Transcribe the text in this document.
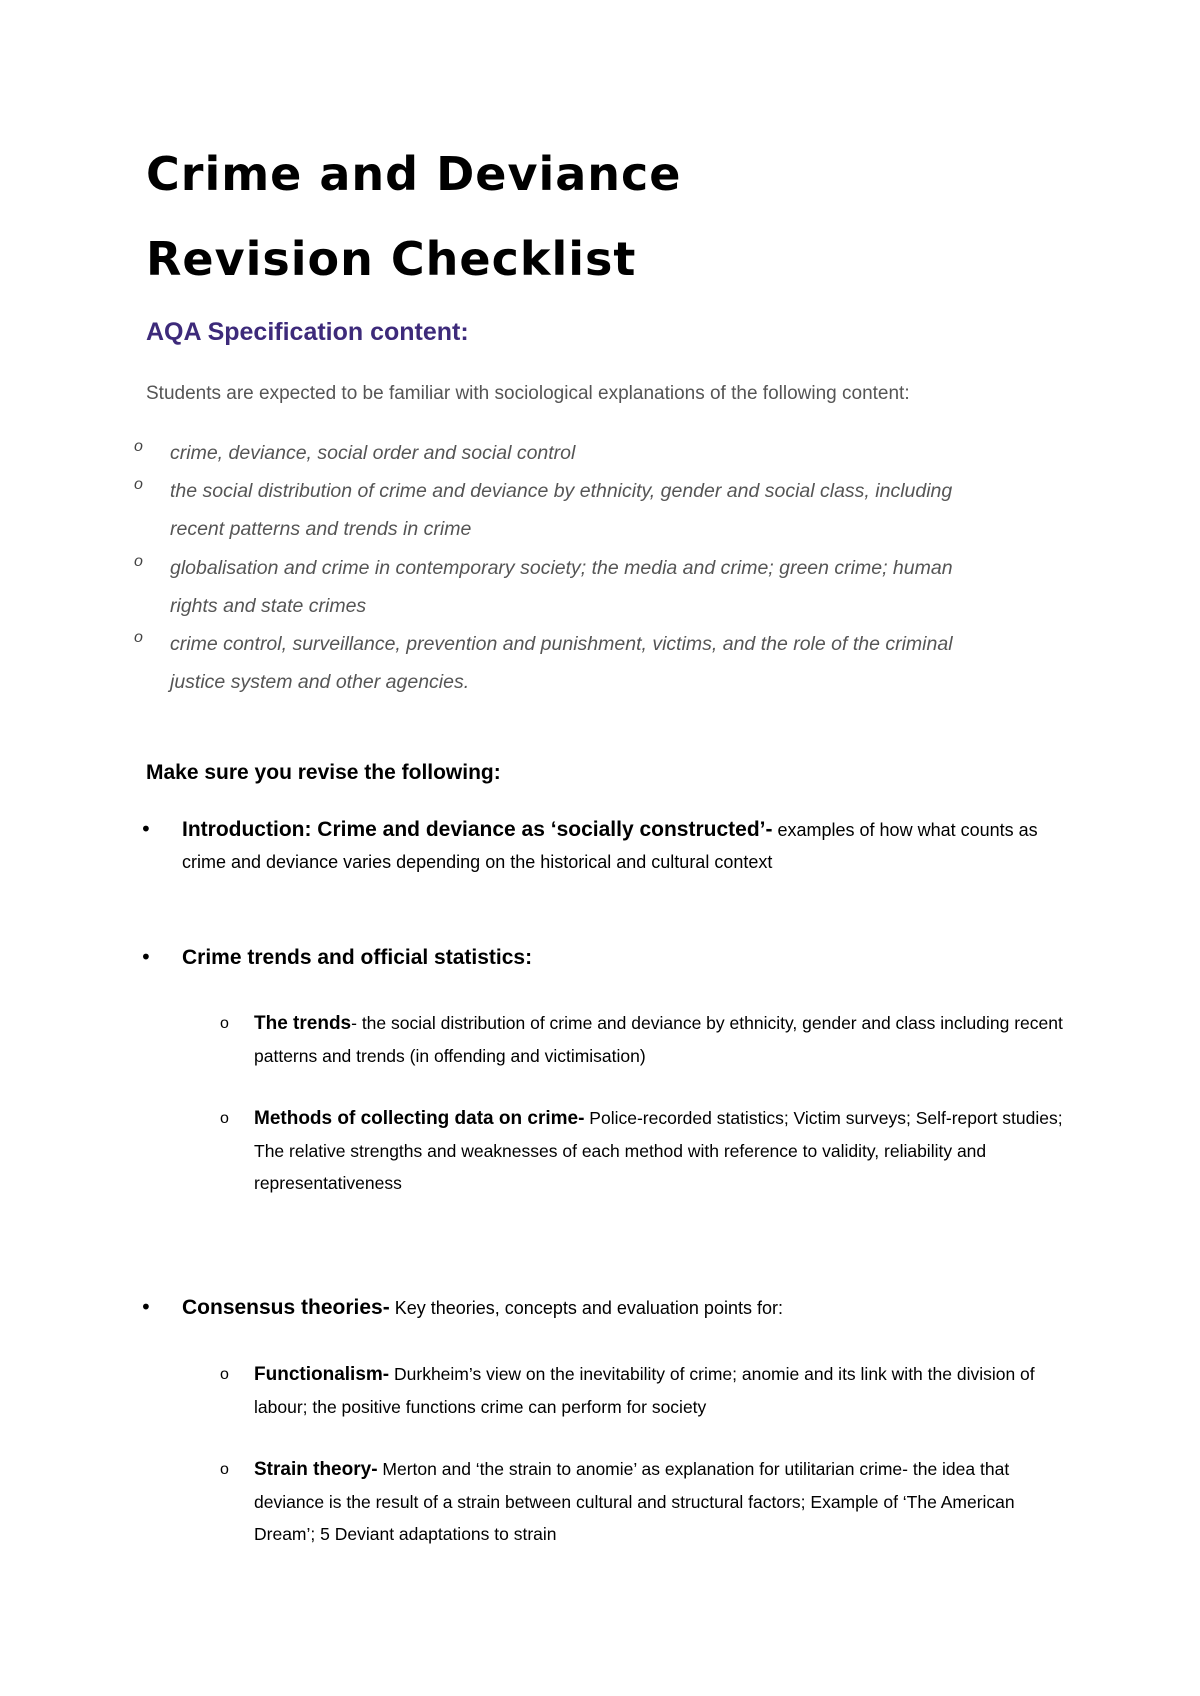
Crime and Deviance
Revision Checklist
AQA Specification content:
Students are expected to be familiar with sociological explanations of the following content:
o crime, deviance, social order and social control
o the social distribution of crime and deviance by ethnicity, gender and social class, including recent patterns and trends in crime
o globalisation and crime in contemporary society; the media and crime; green crime; human rights and state crimes
o crime control, surveillance, prevention and punishment, victims, and the role of the criminal justice system and other agencies.
Make sure you revise the following:
• Introduction: Crime and deviance as ‘socially constructed’- examples of how what counts as crime and deviance varies depending on the historical and cultural context
• Crime trends and official statistics:
o The trends- the social distribution of crime and deviance by ethnicity, gender and class including recent patterns and trends (in offending and victimisation)
o Methods of collecting data on crime- Police-recorded statistics; Victim surveys; Self-report studies; The relative strengths and weaknesses of each method with reference to validity, reliability and representativeness
• Consensus theories- Key theories, concepts and evaluation points for:
o Functionalism- Durkheim’s view on the inevitability of crime; anomie and its link with the division of labour; the positive functions crime can perform for society
o Strain theory- Merton and ‘the strain to anomie’ as explanation for utilitarian crime- the idea that deviance is the result of a strain between cultural and structural factors; Example of ‘The American Dream’; 5 Deviant adaptations to strain
